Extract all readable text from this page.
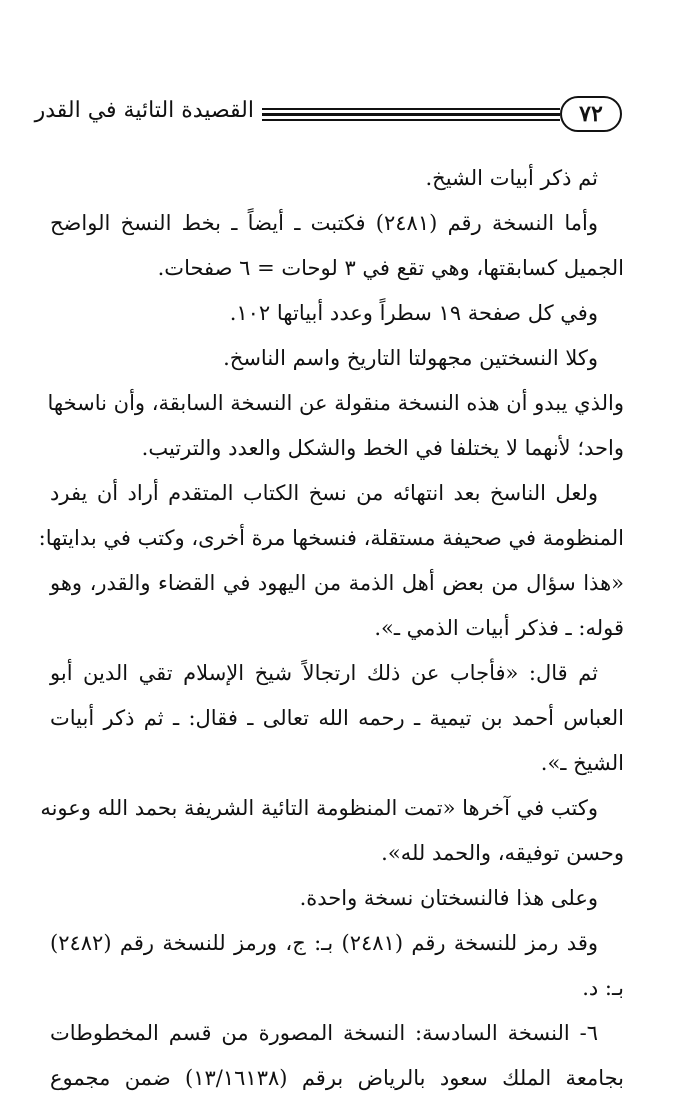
٧٢
القصيدة التائية في القدر
ثم ذكر أبيات الشيخ.
وأما النسخة رقم (٢٤٨١) فكتبت ـ أيضاً ـ بخط النسخ الواضح
الجميل كسابقتها، وهي تقع في ٣ لوحات = ٦ صفحات.
وفي كل صفحة ١٩ سطراً وعدد أبياتها ١٠٢.
وكلا النسختين مجهولتا التاريخ واسم الناسخ.
والذي يبدو أن هذه النسخة منقولة عن النسخة السابقة، وأن ناسخها
واحد؛ لأنهما لا يختلفا في الخط والشكل والعدد والترتيب.
ولعل الناسخ بعد انتهائه من نسخ الكتاب المتقدم أراد أن يفرد
المنظومة في صحيفة مستقلة، فنسخها مرة أخرى، وكتب في بدايتها:
«هذا سؤال من بعض أهل الذمة من اليهود في القضاء والقدر، وهو
قوله: ـ فذكر أبيات الذمي ـ».
ثم قال: «فأجاب عن ذلك ارتجالاً شيخ الإسلام تقي الدين أبو
العباس أحمد بن تيمية ـ رحمه الله تعالى ـ فقال: ـ ثم ذكر أبيات
الشيخ ـ».
وكتب في آخرها «تمت المنظومة التائية الشريفة بحمد الله وعونه
وحسن توفيقه، والحمد لله».
وعلى هذا فالنسختان نسخة واحدة.
وقد رمز للنسخة رقم (٢٤٨١) بـ: ج، ورمز للنسخة رقم (٢٤٨٢)
بـ: د.
٦- النسخة السادسة: النسخة المصورة من قسم المخطوطات
بجامعة الملك سعود بالرياض برقم (١٣/١٦١٣٨) ضمن مجموع
